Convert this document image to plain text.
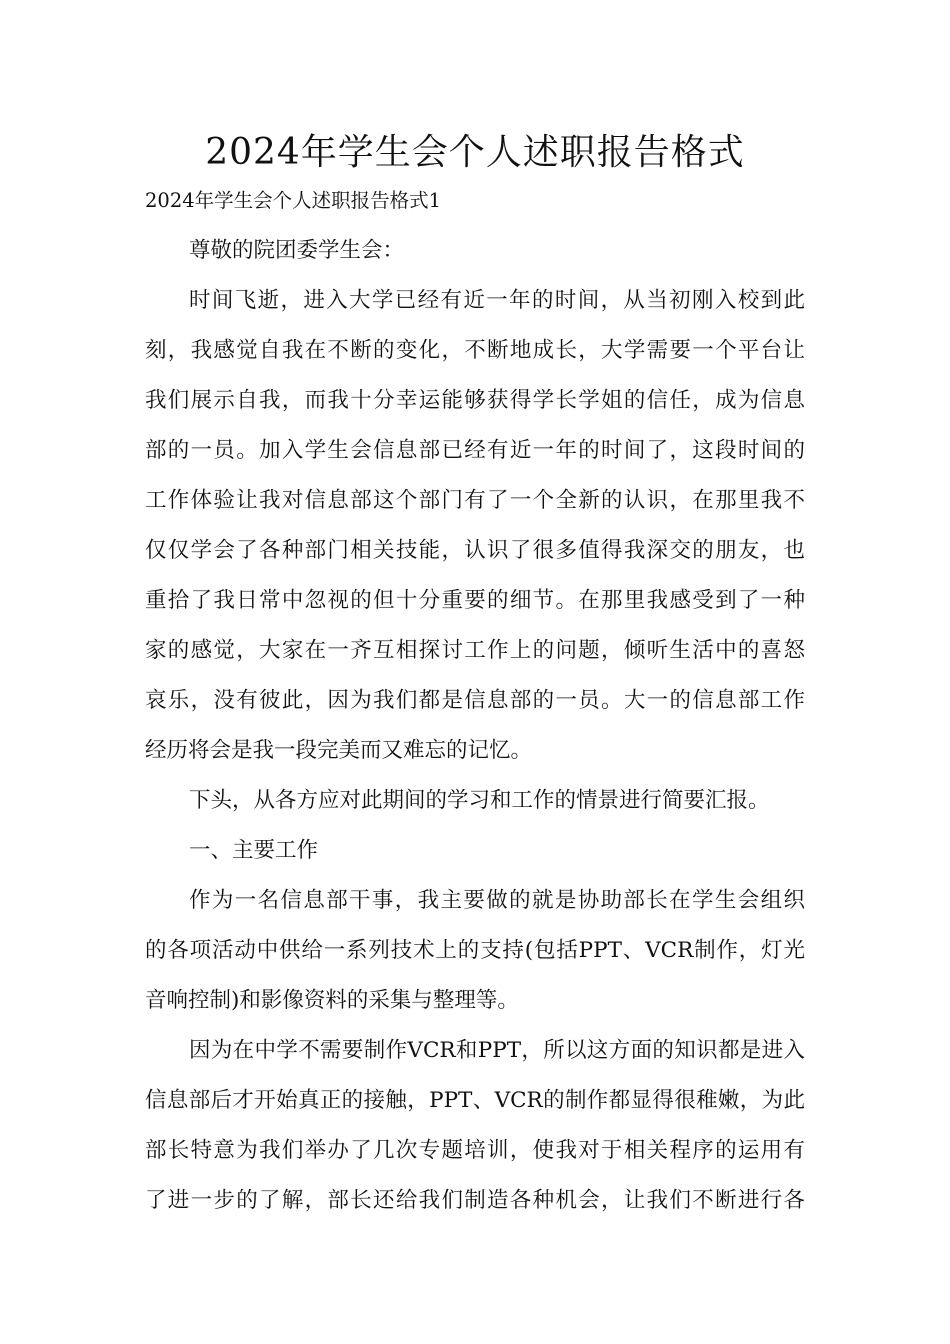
2024年学生会个人述职报告格式

2024年学生会个人述职报告格式1

尊敬的院团委学生会：
时间飞逝，进入大学已经有近一年的时间，从当初刚入校到此
刻，我感觉自我在不断的变化，不断地成长，大学需要一个平台让
我们展示自我，而我十分幸运能够获得学长学姐的信任，成为信息
部的一员。加入学生会信息部已经有近一年的时间了，这段时间的
工作体验让我对信息部这个部门有了一个全新的认识，在那里我不
仅仅学会了各种部门相关技能，认识了很多值得我深交的朋友，也
重拾了我日常中忽视的但十分重要的细节。在那里我感受到了一种
家的感觉，大家在一齐互相探讨工作上的问题，倾听生活中的喜怒
哀乐，没有彼此，因为我们都是信息部的一员。大一的信息部工作
经历将会是我一段完美而又难忘的记忆。
下头，从各方应对此期间的学习和工作的情景进行简要汇报。
一、主要工作
作为一名信息部干事，我主要做的就是协助部长在学生会组织
的各项活动中供给一系列技术上的支持(包括PPT、VCR制作，灯光
音响控制)和影像资料的采集与整理等。
因为在中学不需要制作VCR和PPT，所以这方面的知识都是进入
信息部后才开始真正的接触，PPT、VCR的制作都显得很稚嫩，为此
部长特意为我们举办了几次专题培训，使我对于相关程序的运用有
了进一步的了解，部长还给我们制造各种机会，让我们不断进行各
